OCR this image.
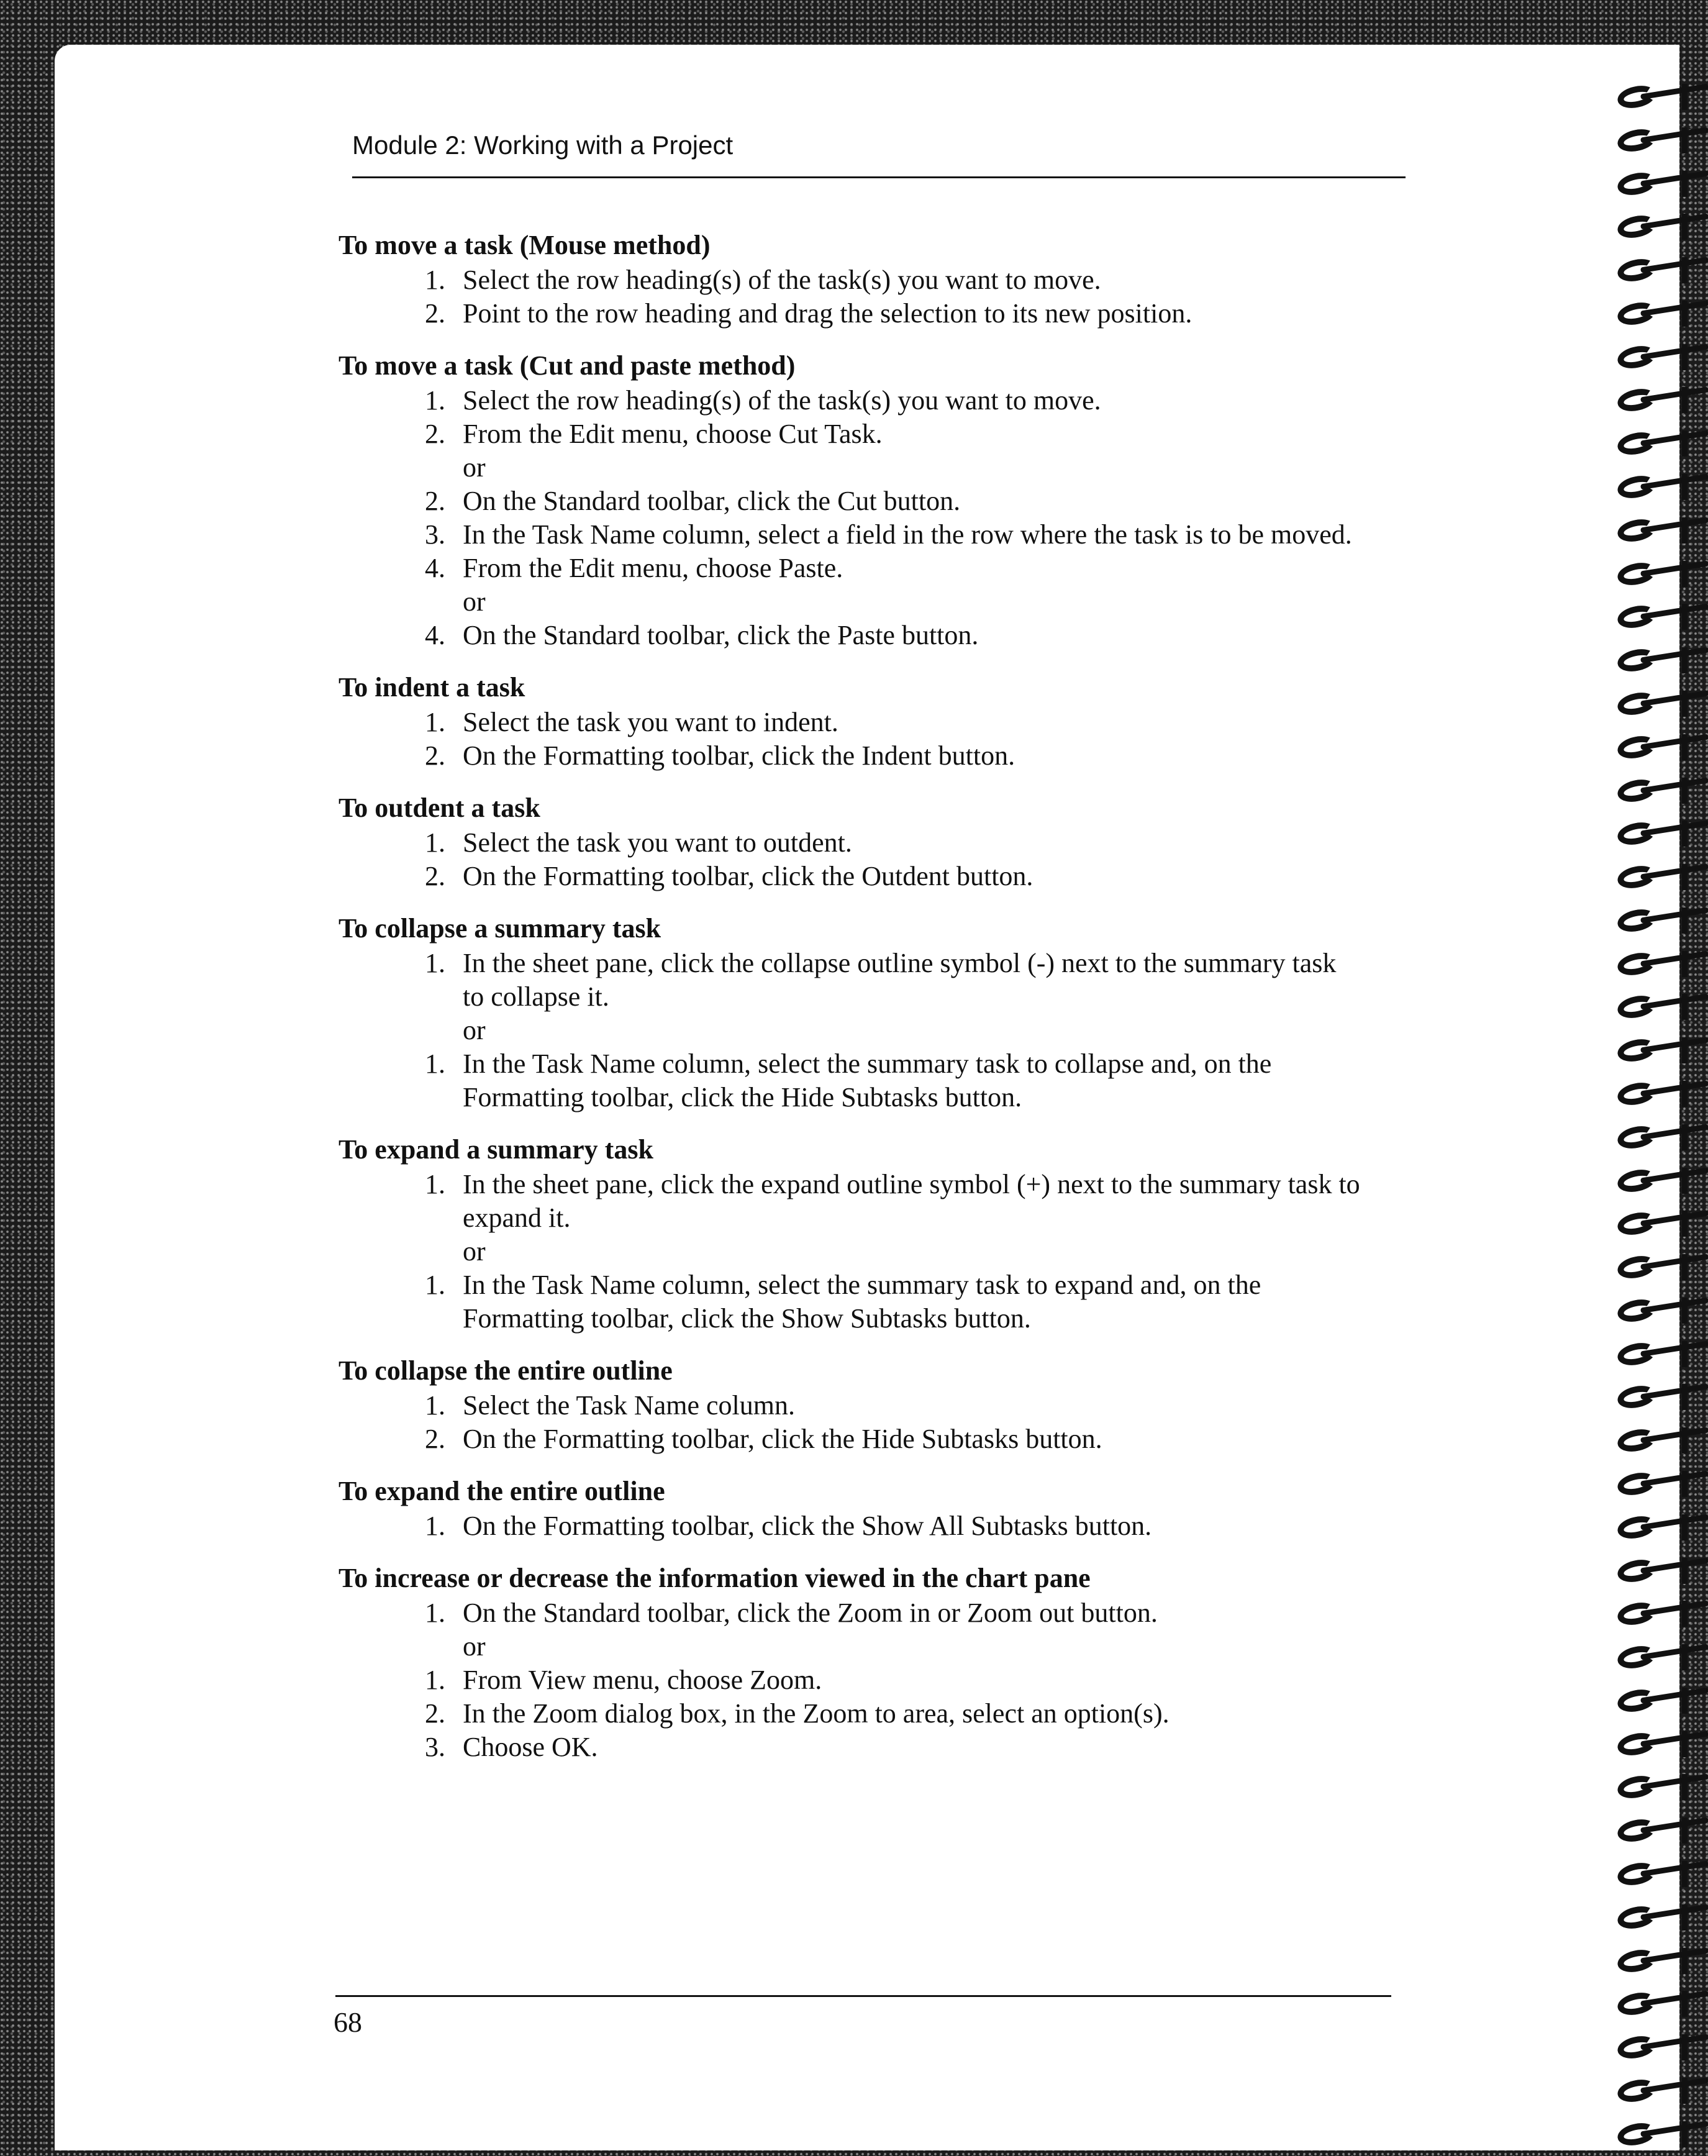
Module 2: Working with a Project
To move a task (Mouse method)
1. Select the row heading(s) of the task(s) you want to move.
2. Point to the row heading and drag the selection to its new position.
To move a task (Cut and paste method)
1. Select the row heading(s) of the task(s) you want to move.
2. From the Edit menu, choose Cut Task.
or
2. On the Standard toolbar, click the Cut button.
3. In the Task Name column, select a field in the row where the task is to be moved.
4. From the Edit menu, choose Paste.
or
4. On the Standard toolbar, click the Paste button.
To indent a task
1. Select the task you want to indent.
2. On the Formatting toolbar, click the Indent button.
To outdent a task
1. Select the task you want to outdent.
2. On the Formatting toolbar, click the Outdent button.
To collapse a summary task
1. In the sheet pane, click the collapse outline symbol (-) next to the summary task to collapse it.
or
1. In the Task Name column, select the summary task to collapse and, on the Formatting toolbar, click the Hide Subtasks button.
To expand a summary task
1. In the sheet pane, click the expand outline symbol (+) next to the summary task to expand it.
or
1. In the Task Name column, select the summary task to expand and, on the Formatting toolbar, click the Show Subtasks button.
To collapse the entire outline
1. Select the Task Name column.
2. On the Formatting toolbar, click the Hide Subtasks button.
To expand the entire outline
1. On the Formatting toolbar, click the Show All Subtasks button.
To increase or decrease the information viewed in the chart pane
1. On the Standard toolbar, click the Zoom in or Zoom out button.
or
1. From View menu, choose Zoom.
2. In the Zoom dialog box, in the Zoom to area, select an option(s).
3. Choose OK.
68
